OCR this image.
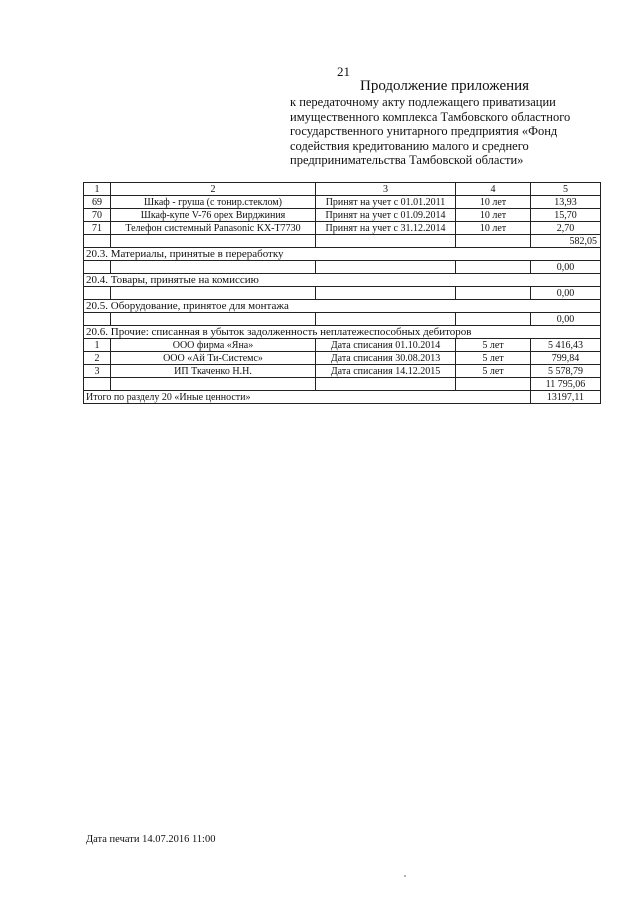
21
Продолжение приложения
к передаточному акту подлежащего приватизации
имущественного комплекса Тамбовского областного
государственного унитарного предприятия «Фонд
содействия кредитованию малого и среднего
предпринимательства Тамбовской области»
1	2	3	4	5
69	Шкаф - груша (с тонир.стеклом)	Принят на учет с 01.01.2011	10 лет	13,93
70	Шкаф-купе V-76 орех Вирджиния	Принят на учет с 01.09.2014	10 лет	15,70
71	Телефон системный Panasonic KX-T7730	Принят на учет с 31.12.2014	10 лет	2,70
				582,05
20.3. Материалы, принятые в переработку				
				0,00
20.4. Товары, принятые на комиссию				
				0,00
20.5. Оборудование, принятое для монтажа				
				0,00
20.6. Прочие: списанная в убыток задолженность неплатежеспособных дебиторов				
1	ООО фирма «Яна»	Дата списания 01.10.2014	5 лет	5 416,43
2	ООО «Ай Ти-Системс»	Дата списания 30.08.2013	5 лет	799,84
3	ИП Ткаченко Н.Н.	Дата списания 14.12.2015	5 лет	5 578,79
				11 795,06
Итого по разделу 20 «Иные ценности»				13197,11
Дата печати 14.07.2016 11:00
